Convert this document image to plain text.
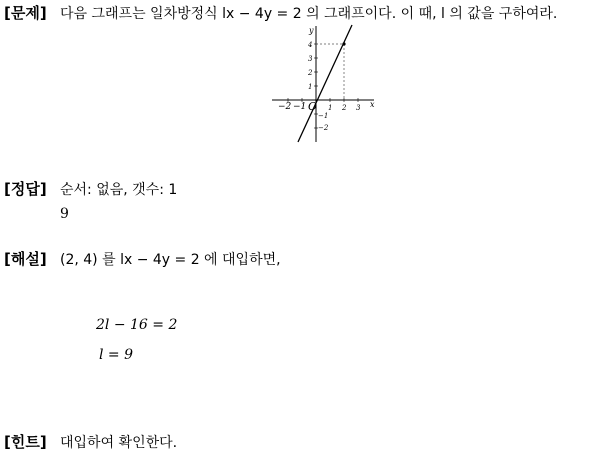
[문제] 다음 그래프는 일차방정식 lx − 4y = 2 의 그래프이다. 이 때, l 의 값을 구하여라.
y
x
O
4
3
2
1
−2 −1	1 2 3
−1
−2
[정답] 순서: 없음, 갯수: 1
9
[해설] (2, 4) 를 lx − 4y = 2 에 대입하면,
2l − 16 = 2
l = 9
[힌트] 대입하여 확인한다.
